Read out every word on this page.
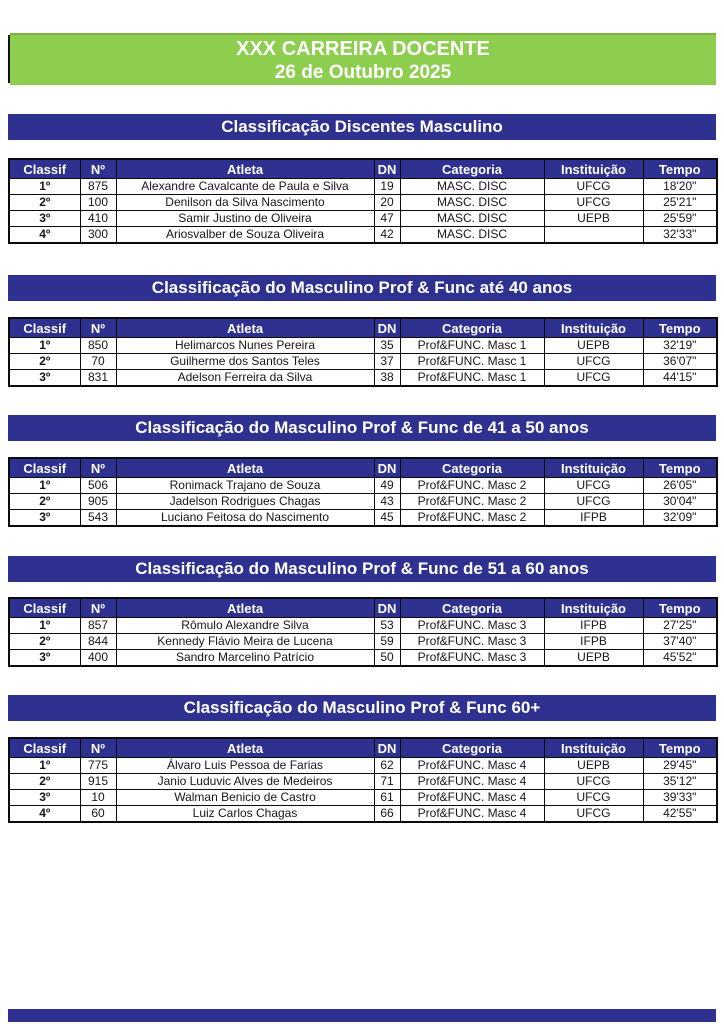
XXX CARREIRA DOCENTE
26 de Outubro 2025
Classificação Discentes Masculino
Classif	Nº	Atleta	DN	Categoria	Instituição	Tempo
1º	875	Alexandre Cavalcante de Paula e Silva	19	MASC. DISC	UFCG	18'20"
2º	100	Denilson da Silva Nascimento	20	MASC. DISC	UFCG	25'21"
3º	410	Samir Justino de Oliveira	47	MASC. DISC	UEPB	25'59"
4º	300	Ariosvalber de Souza Oliveira	42	MASC. DISC		32'33"
Classificação do Masculino Prof & Func até 40 anos
Classif	Nº	Atleta	DN	Categoria	Instituição	Tempo
1º	850	Helimarcos Nunes Pereira	35	Prof&FUNC. Masc 1	UEPB	32'19"
2º	70	Guilherme dos Santos Teles	37	Prof&FUNC. Masc 1	UFCG	36'07"
3º	831	Adelson Ferreira da Silva	38	Prof&FUNC. Masc 1	UFCG	44'15"
Classificação do Masculino Prof & Func de 41 a 50 anos
Classif	Nº	Atleta	DN	Categoria	Instituição	Tempo
1º	506	Ronimack Trajano de Souza	49	Prof&FUNC. Masc 2	UFCG	26'05"
2º	905	Jadelson Rodrigues Chagas	43	Prof&FUNC. Masc 2	UFCG	30'04"
3º	543	Luciano Feitosa do Nascimento	45	Prof&FUNC. Masc 2	IFPB	32'09"
Classificação do Masculino Prof & Func de 51 a 60 anos
Classif	Nº	Atleta	DN	Categoria	Instituição	Tempo
1º	857	Rômulo Alexandre Silva	53	Prof&FUNC. Masc 3	IFPB	27'25"
2º	844	Kennedy Flávio Meira de Lucena	59	Prof&FUNC. Masc 3	IFPB	37'40"
3º	400	Sandro Marcelino Patrício	50	Prof&FUNC. Masc 3	UEPB	45'52"
Classificação do Masculino Prof & Func 60+
Classif	Nº	Atleta	DN	Categoria	Instituição	Tempo
1º	775	Álvaro Luis Pessoa de Farias	62	Prof&FUNC. Masc 4	UEPB	29'45"
2º	915	Janio Luduvic Alves de Medeiros	71	Prof&FUNC. Masc 4	UFCG	35'12"
3º	10	Walman Benicio de Castro	61	Prof&FUNC. Masc 4	UFCG	39'33"
4º	60	Luiz Carlos Chagas	66	Prof&FUNC. Masc 4	UFCG	42'55"
